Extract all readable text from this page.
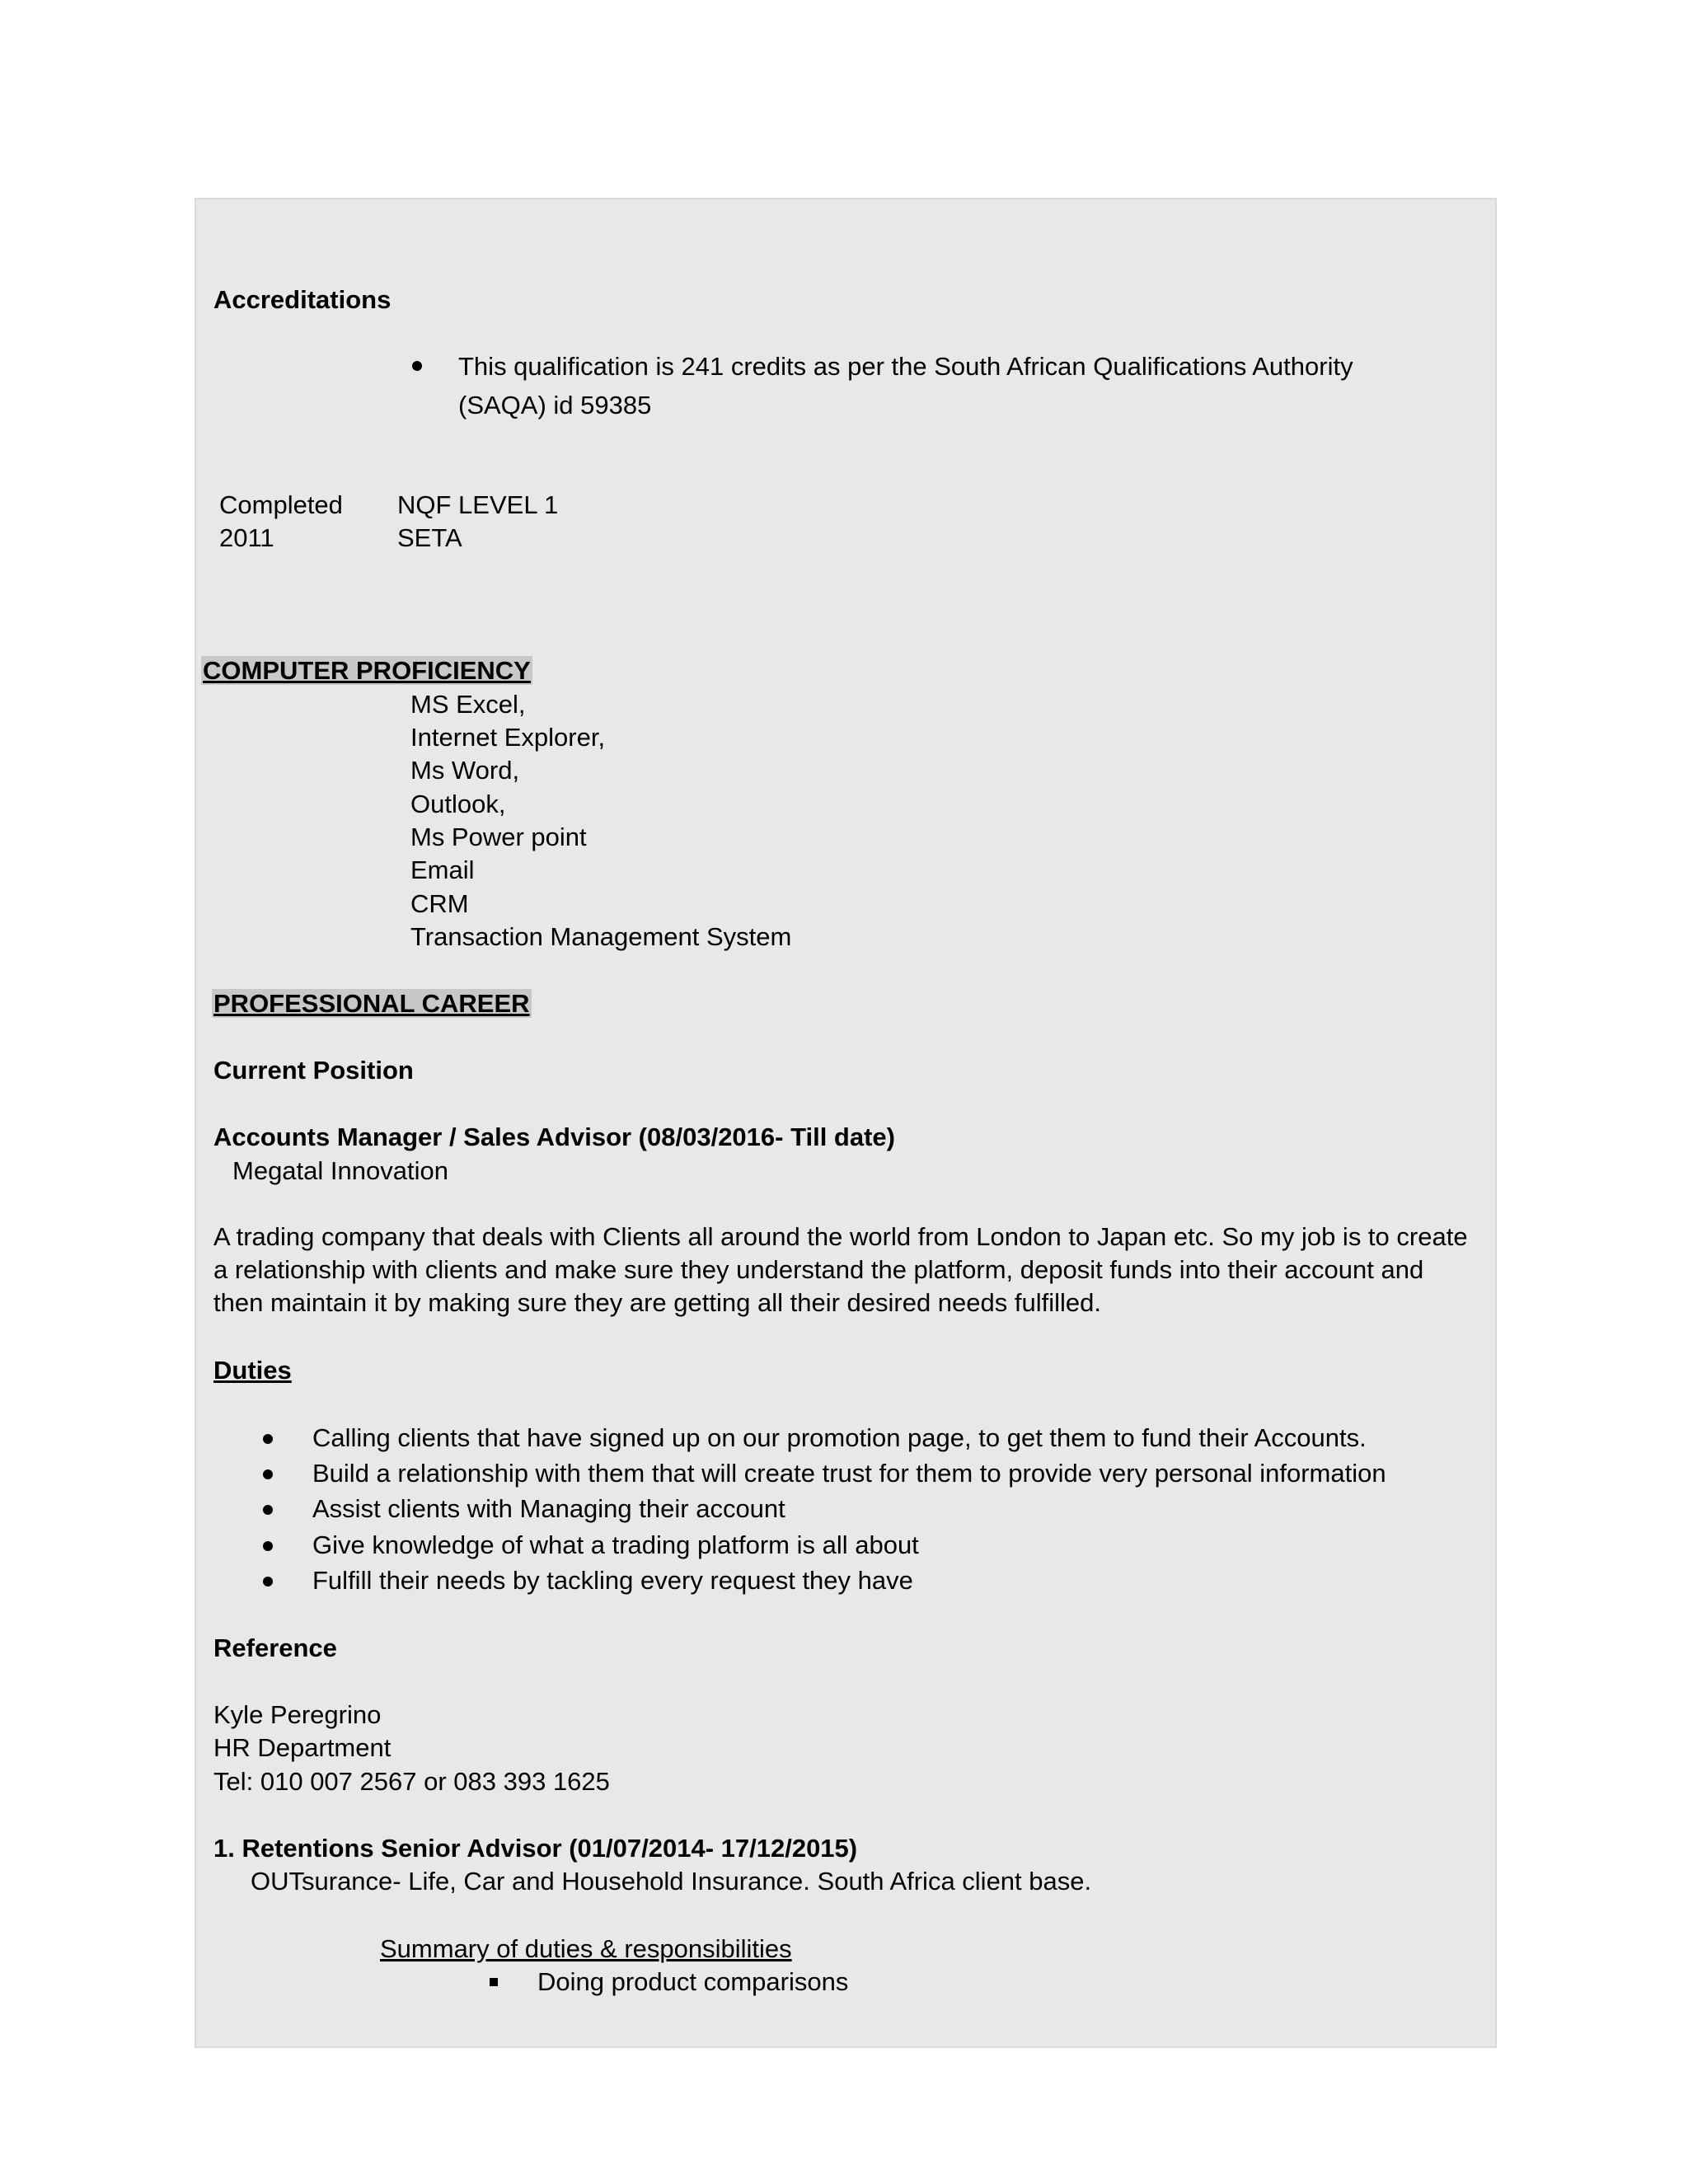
Accreditations
This qualification is 241 credits as per the South African Qualifications Authority
(SAQA) id 59385
Completed
2011
NQF LEVEL 1
SETA
COMPUTER PROFICIENCY
MS Excel,
Internet Explorer,
Ms Word,
Outlook,
Ms Power point
Email
CRM
Transaction Management System
PROFESSIONAL CAREER
Current Position
Accounts Manager / Sales Advisor (08/03/2016- Till date)
Megatal Innovation
A trading company that deals with Clients all around the world from London to Japan etc. So my job is to create
a relationship with clients and make sure they understand the platform, deposit funds into their account and
then maintain it by making sure they are getting all their desired needs fulfilled.
Duties
Calling clients that have signed up on our promotion page, to get them to fund their Accounts.
Build a relationship with them that will create trust for them to provide very personal information
Assist clients with Managing their account
Give knowledge of what a trading platform is all about
Fulfill their needs by tackling every request they have
Reference
Kyle Peregrino
HR Department
Tel: 010 007 2567 or 083 393 1625
1. Retentions Senior Advisor (01/07/2014- 17/12/2015)
OUTsurance- Life, Car and Household Insurance. South Africa client base.
Summary of duties & responsibilities
Doing product comparisons
